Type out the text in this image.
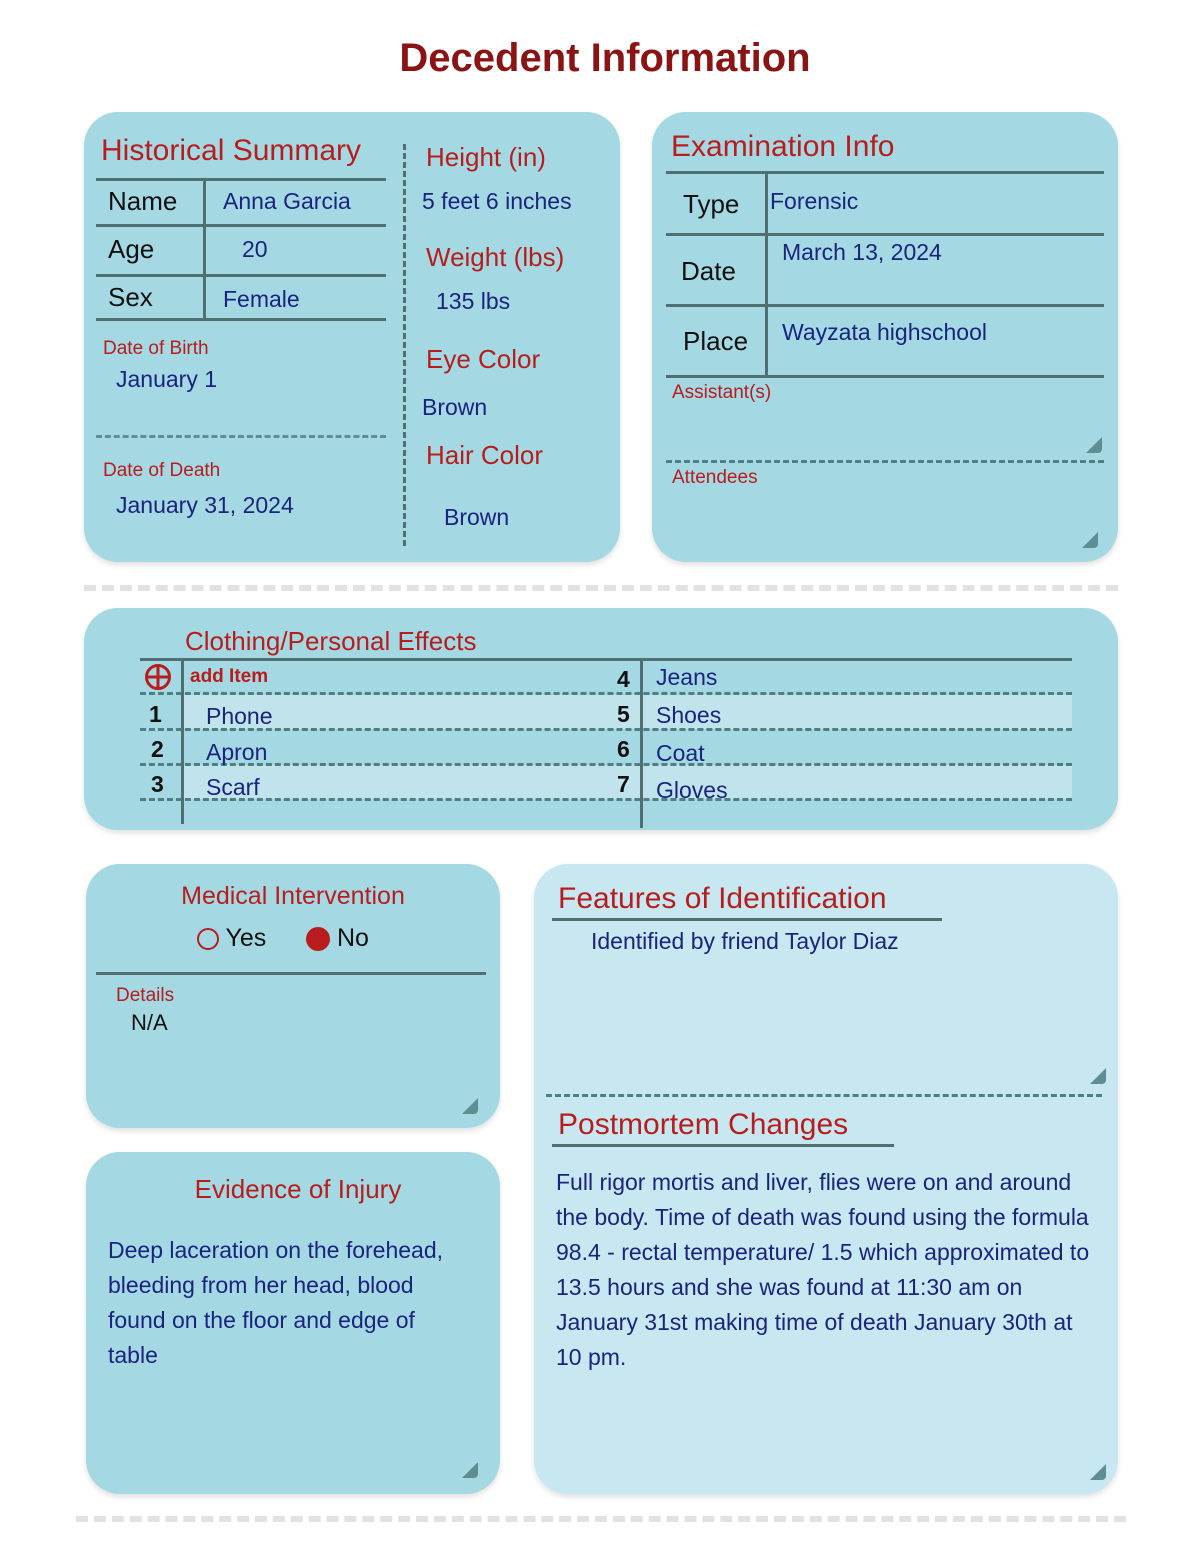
Decedent Information
Historical Summary
Name Anna Garcia
Age	20
Sex	Female
Date of Birth
January 1
Date of Death
January 31, 2024
Height (in)
5 feet 6 inches
Weight (lbs)
135 lbs
Eye Color
Brown
Hair Color
Brown
Examination Info
Type Forensic
Date
March 13, 2024
Place Wayzata highschool
Assistant(s)
Attendees
Clothing/Personal Effects
add Item
1 Phone
2 Apron
3 Scarf
4 Jeans
5 Shoes
6 Coat
7 Gloves
Medical Intervention
Yes	No
Details
N/A
Evidence of Injury
Deep laceration on the forehead, bleeding from her head, blood found on the floor and edge of table
Features of Identification
Identified by friend Taylor Diaz
Postmortem Changes
Full rigor mortis and liver, flies were on and around the body. Time of death was found using the formula 98.4 - rectal temperature/ 1.5 which approximated to 13.5 hours and she was found at 11:30 am on January 31st making time of death January 30th at 10 pm.
